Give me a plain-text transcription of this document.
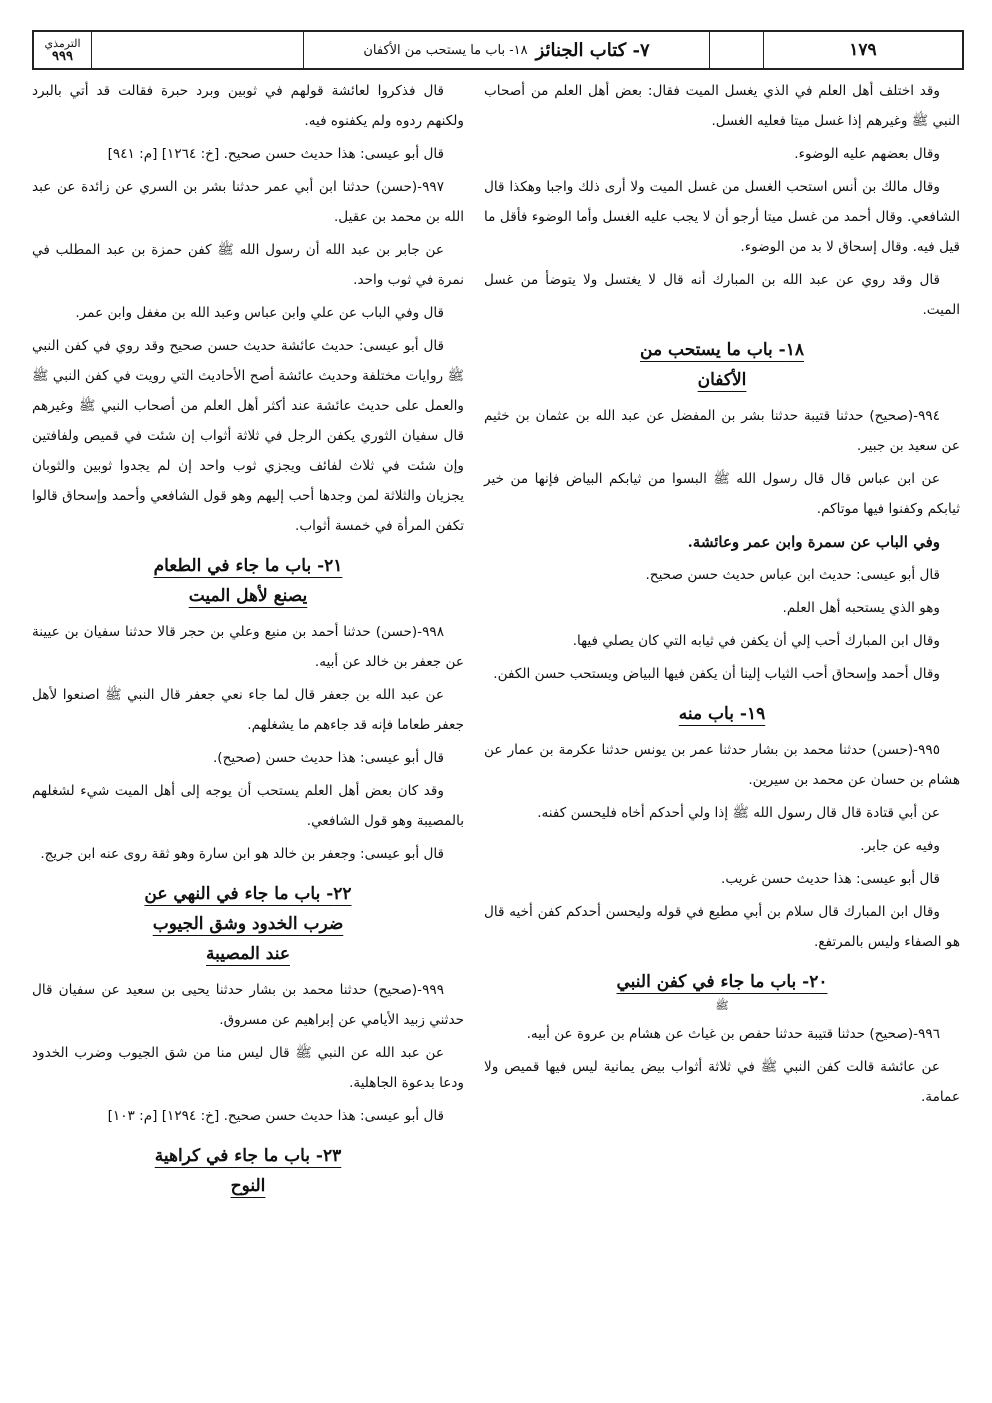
الترمذي
٩٩٩	٧- كتاب الجنائز
١٨- باب ما يستحب من الأكفان	١٧٩

وقد اختلف أهل العلم في الذي يغسل الميت فقال: بعض أهل العلم من أصحاب النبي ﷺ وغيرهم إذا غسل ميتا فعليه الغسل.

وقال بعضهم عليه الوضوء.

وقال مالك بن أنس استحب الغسل من غسل الميت ولا أرى ذلك واجبا وهكذا قال الشافعي. وقال أحمد من غسل ميتا أرجو أن لا يجب عليه الغسل وأما الوضوء فأقل ما قيل فيه. وقال إسحاق لا بد من الوضوء.

قال وقد روي عن عبد الله بن المبارك أنه قال لا يغتسل ولا يتوضأ من غسل الميت.

١٨- باب ما يستحب من
الأكفان

٩٩٤-(صحيح) حدثنا قتيبة حدثنا بشر بن المفضل عن عبد الله بن عثمان بن خثيم عن سعيد بن جبير.

عن ابن عباس قال قال رسول الله ﷺ البسوا من ثيابكم البياض فإنها من خير ثيابكم وكفنوا فيها موتاكم.

وفي الباب عن سمرة وابن عمر وعائشة.

قال أبو عيسى: حديث ابن عباس حديث حسن صحيح.

وهو الذي يستحبه أهل العلم.

وقال ابن المبارك أحب إلي أن يكفن في ثيابه التي كان يصلي فيها.

وقال أحمد وإسحاق أحب الثياب إلينا أن يكفن فيها البياض ويستحب حسن الكفن.

١٩- باب منه

٩٩٥-(حسن) حدثنا محمد بن بشار حدثنا عمر بن يونس حدثنا عكرمة بن عمار عن هشام بن حسان عن محمد بن سيرين.

عن أبي قتادة قال قال رسول الله ﷺ إذا ولي أحدكم أخاه فليحسن كفنه.

وفيه عن جابر.

قال أبو عيسى: هذا حديث حسن غريب.

وقال ابن المبارك قال سلام بن أبي مطيع في قوله وليحسن أحدكم كفن أخيه قال هو الصفاء وليس بالمرتفع.

٢٠- باب ما جاء في كفن النبي
ﷺ

٩٩٦-(صحيح) حدثنا قتيبة حدثنا حفص بن غياث عن هشام بن عروة عن أبيه.

عن عائشة قالت كفن النبي ﷺ في ثلاثة أثواب بيض يمانية ليس فيها قميص ولا عمامة.

قال فذكروا لعائشة قولهم في ثوبين وبرد حبرة فقالت قد أتي بالبرد ولكنهم ردوه ولم يكفنوه فيه.

قال أبو عيسى: هذا حديث حسن صحيح. [خ: ١٢٦٤] [م: ٩٤١]

٩٩٧-(حسن) حدثنا ابن أبي عمر حدثنا بشر بن السري عن زائدة عن عبد الله بن محمد بن عقيل.

عن جابر بن عبد الله أن رسول الله ﷺ كفن حمزة بن عبد المطلب في نمرة في ثوب واحد.

قال وفي الباب عن علي وابن عباس وعبد الله بن مغفل وابن عمر.

قال أبو عيسى: حديث عائشة حديث حسن صحيح وقد روي في كفن النبي ﷺ روايات مختلفة وحديث عائشة أصح الأحاديث التي رويت في كفن النبي ﷺ والعمل على حديث عائشة عند أكثر أهل العلم من أصحاب النبي ﷺ وغيرهم قال سفيان الثوري يكفن الرجل في ثلاثة أثواب إن شئت في قميص ولفافتين وإن شئت في ثلاث لفائف ويجزي ثوب واحد إن لم يجدوا ثوبين والثوبان يجزيان والثلاثة لمن وجدها أحب إليهم وهو قول الشافعي وأحمد وإسحاق قالوا تكفن المرأة في خمسة أثواب.

٢١- باب ما جاء في الطعام
يصنع لأهل الميت

٩٩٨-(حسن) حدثنا أحمد بن منيع وعلي بن حجر قالا حدثنا سفيان بن عيينة عن جعفر بن خالد عن أبيه.

عن عبد الله بن جعفر قال لما جاء نعي جعفر قال النبي ﷺ اصنعوا لأهل جعفر طعاما فإنه قد جاءهم ما يشغلهم.

قال أبو عيسى: هذا حديث حسن (صحيح).

وقد كان بعض أهل العلم يستحب أن يوجه إلى أهل الميت شيء لشغلهم بالمصيبة وهو قول الشافعي.

قال أبو عيسى: وجعفر بن خالد هو ابن سارة وهو ثقة روى عنه ابن جريج.

٢٢- باب ما جاء في النهي عن
ضرب الخدود وشق الجيوب
عند المصيبة

٩٩٩-(صحيح) حدثنا محمد بن بشار حدثنا يحيى بن سعيد عن سفيان قال حدثني زبيد الأيامي عن إبراهيم عن مسروق.

عن عبد الله عن النبي ﷺ قال ليس منا من شق الجيوب وضرب الخدود ودعا بدعوة الجاهلية.

قال أبو عيسى: هذا حديث حسن صحيح. [خ: ١٢٩٤] [م: ١٠٣]

٢٣- باب ما جاء في كراهية
النوح
